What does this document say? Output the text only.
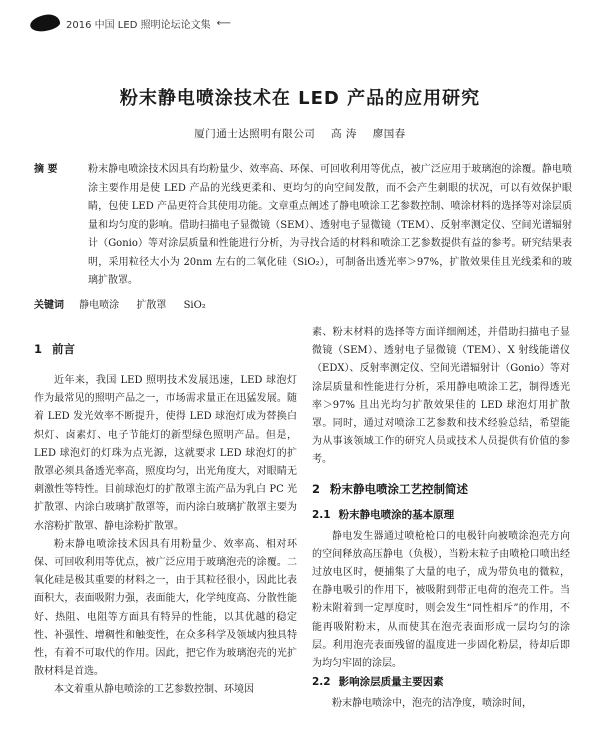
2016 中国 LED 照明论坛论文集 ⟵
粉末静电喷涂技术在 LED 产品的应用研究
厦门通士达照明有限公司 高 涛 廖国春
摘 要	粉末静电喷涂技术因具有均粉量少、效率高、环保、可回收利用等优点，被广泛应用于玻璃泡的涂覆。静电喷涂主要作用是使 LED 产品的光线更柔和、更均匀的向空间发散，而不会产生刺眼的状况，可以有效保护眼睛，包使 LED 产品更符合其使用功能。文章重点阐述了静电喷涂工艺参数控制、喷涂材料的选择等对涂层质量和均匀度的影响。借助扫描电子显微镜（SEM）、透射电子显微镜（TEM）、反射率测定仪、空间光谱辐射计（Gonio）等对涂层质量和性能进行分析，为寻找合适的材料和喷涂工艺参数提供有益的参考。研究结果表明，采用粒径大小为 20nm 左右的二氧化硅（SiO₂），可制备出透光率＞97%，扩散效果佳且光线柔和的玻璃扩散罩。
关键词 静电喷涂 扩散罩 SiO₂
1 前言

近年来，我国 LED 照明技术发展迅速，LED 球泡灯作为最常见的照明产品之一，市场需求量正在迅猛发展。随着 LED 发光效率不断提升，使得 LED 球泡灯成为替换白炽灯、卤素灯、电子节能灯的新型绿色照明产品。但是，LED 球泡灯的灯珠为点光源，这就要求 LED 球泡灯的扩散罩必须具备透光率高，照度均匀，出光角度大，对眼睛无刺激性等特性。目前球泡灯的扩散罩主流产品为乳白 PC 光扩散罩、内涂白玻璃扩散罩等，而内涂白玻璃扩散罩主要为水溶粉扩散罩、静电涂粉扩散罩。

粉末静电喷涂技术因具有用粉量少、效率高、相对环保、可回收利用等优点，被广泛应用于玻璃泡壳的涂覆。二氧化硅是极其重要的材料之一，由于其粒径很小，因此比表面积大，表面吸附力强，表面能大，化学纯度高、分散性能好、热阻、电阻等方面具有特异的性能，以其优越的稳定性、补强性、增稠性和触变性，在众多科学及领域内独具特性，有着不可取代的作用。因此，把它作为玻璃泡壳的光扩散材料是首选。

本文着重从静电喷涂的工艺参数控制、环境因

素、粉末材料的选择等方面详细阐述，并借助扫描电子显微镜（SEM）、透射电子显微镜（TEM）、X 射线能谱仪（EDX）、反射率测定仪、空间光谱辐射计（Gonio）等对涂层质量和性能进行分析，采用静电喷涂工艺，制得透光率＞97% 且出光均匀扩散效果佳的 LED 球泡灯用扩散罩。同时，通过对喷涂工艺参数和技术经验总结，希望能为从事该领域工作的研究人员或技术人员提供有价值的参考。

2 粉末静电喷涂工艺控制简述
2.1 粉末静电喷涂的基本原理

静电发生器通过喷枪枪口的电极针向被喷涂泡壳方向的空间释放高压静电（负极），当粉末粒子由喷枪口喷出经过放电区时，便捕集了大量的电子，成为带负电的微粒，在静电吸引的作用下，被吸附到带正电荷的泡壳工件。当粉末附着到一定厚度时，则会发生“同性相斥”的作用，不能再吸附粉末，从而使其在泡壳表面形成一层均匀的涂层。利用泡壳表面残留的温度进一步固化粉层，待却后即为均匀牢固的涂层。

2.2 影响涂层质量主要因素

粉末静电喷涂中，泡壳的洁净度，喷涂时间，
